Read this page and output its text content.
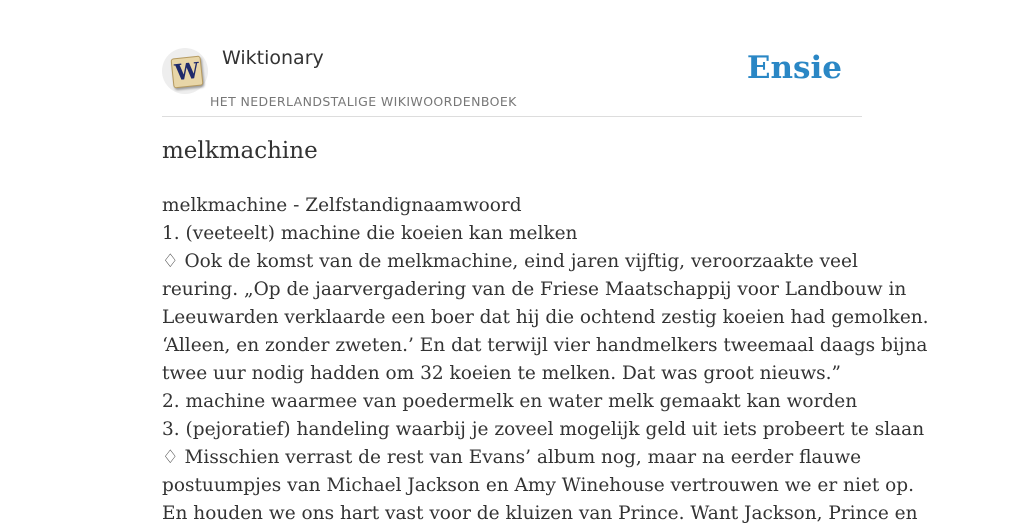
W Wiktionary
HET NEDERLANDSTALIGE WIKIWOORDENBOEK
Ensie
melkmachine
melkmachine - Zelfstandignaamwoord
1. (veeteelt) machine die koeien kan melken
♢ Ook de komst van de melkmachine, eind jaren vijftig, veroorzaakte veel
reuring. „Op de jaarvergadering van de Friese Maatschappij voor Landbouw in
Leeuwarden verklaarde een boer dat hij die ochtend zestig koeien had gemolken.
‘Alleen, en zonder zweten.’ En dat terwijl vier handmelkers tweemaal daags bijna
twee uur nodig hadden om 32 koeien te melken. Dat was groot nieuws.”
2. machine waarmee van poedermelk en water melk gemaakt kan worden
3. (pejoratief) handeling waarbij je zoveel mogelijk geld uit iets probeert te slaan
♢ Misschien verrast de rest van Evans’ album nog, maar na eerder flauwe
postuumpjes van Michael Jackson en Amy Winehouse vertrouwen we er niet op.
En houden we ons hart vast voor de kluizen van Prince. Want Jackson, Prince en
